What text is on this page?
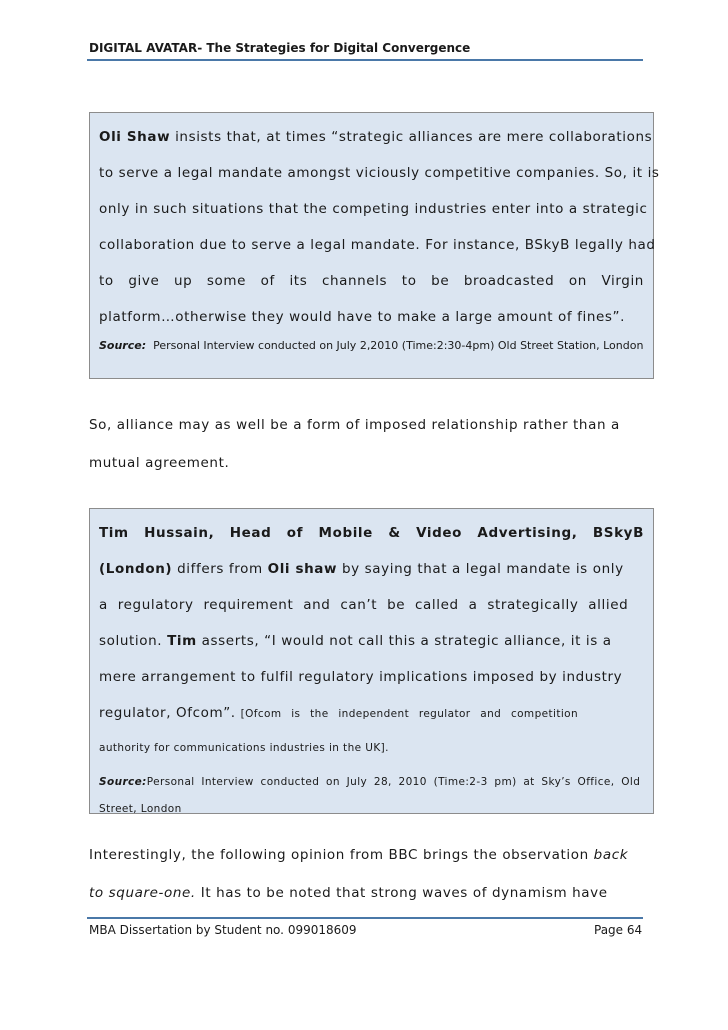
DIGITAL AVATAR- The Strategies for Digital Convergence
Oli Shaw insists that, at times “strategic alliances are mere collaborations
to serve a legal mandate amongst viciously competitive companies. So, it is
only in such situations that the competing industries enter into a strategic
collaboration due to serve a legal mandate. For instance, BSkyB legally had
to give up some of its channels to be broadcasted on Virgin
platform…otherwise they would have to make a large amount of fines”.
Source: Personal Interview conducted on July 2,2010 (Time:2:30-4pm) Old Street Station, London
So, alliance may as well be a form of imposed relationship rather than a
mutual agreement.
Tim Hussain, Head of Mobile & Video Advertising, BSkyB
(London) differs from Oli shaw by saying that a legal mandate is only
a regulatory requirement and can’t be called a strategically allied
solution. Tim asserts, “I would not call this a strategic alliance, it is a
mere arrangement to fulfil regulatory implications imposed by industry
regulator, Ofcom”. [Ofcom is the independent regulator and competition
authority for communications industries in the UK].
Source:Personal Interview conducted on July 28, 2010 (Time:2-3 pm) at Sky’s Office, Old
Street, London
Interestingly, the following opinion from BBC brings the observation back
to square-one. It has to be noted that strong waves of dynamism have
MBA Dissertation by Student no. 099018609	Page 64
